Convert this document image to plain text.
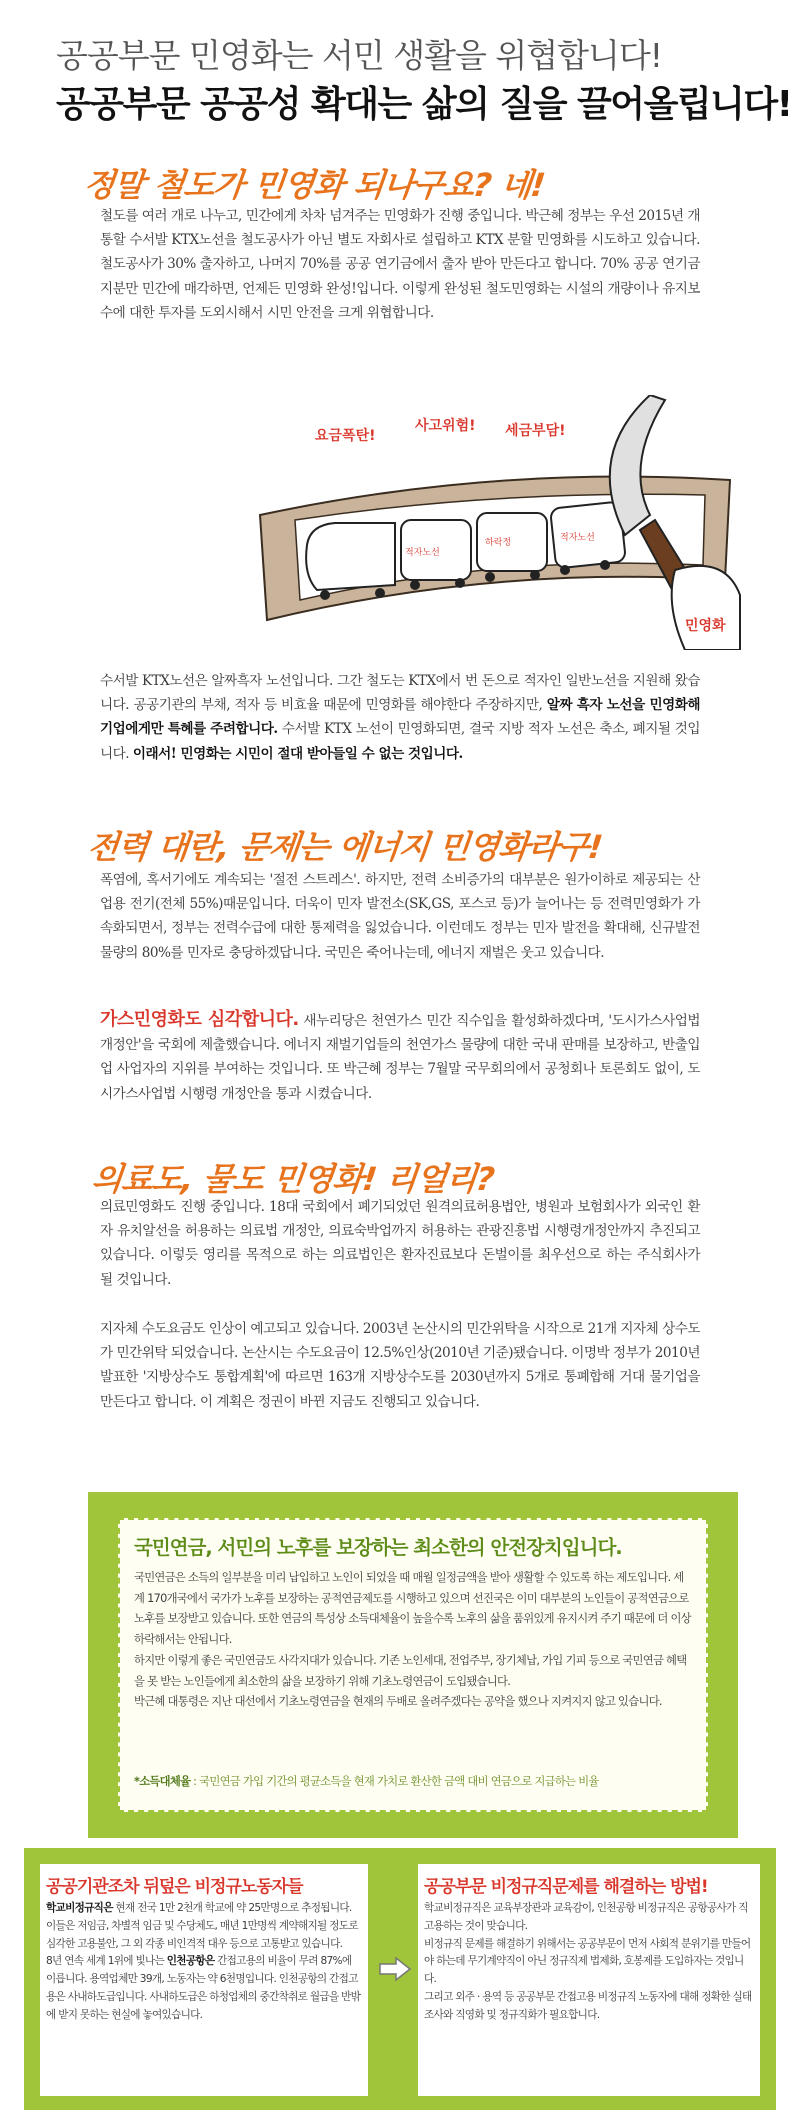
공공부문 민영화는 서민 생활을 위협합니다!
공공부문 공공성 확대는 삶의 질을 끌어올립니다!
정말 철도가 민영화 되나구요? 네!
철도를 여러 개로 나누고, 민간에게 차차 넘겨주는 민영화가 진행 중입니다. 박근혜 정부는 우선 2015년 개통할 수서발 KTX노선을 철도공사가 아닌 별도 자회사로 설립하고 KTX 분할 민영화를 시도하고 있습니다. 철도공사가 30% 출자하고, 나머지 70%를 공공 연기금에서 출자 받아 만든다고 합니다. 70% 공공 연기금 지분만 민간에 매각하면, 언제든 민영화 완성!입니다. 이렇게 완성된 철도민영화는 시설의 개량이나 유지보수에 대한 투자를 도외시해서 시민 안전을 크게 위협합니다.
요금폭탄!
사고위험! 세금부담!
적자노선
하락정	적자노선
민영화
수서발 KTX노선은 알짜흑자 노선입니다. 그간 철도는 KTX에서 번 돈으로 적자인 일반노선을 지원해 왔습니다. 공공기관의 부채, 적자 등 비효율 때문에 민영화를 해야한다 주장하지만, 알짜 흑자 노선을 민영화해 기업에게만 특혜를 주려합니다. 수서발 KTX 노선이 민영화되면, 결국 지방 적자 노선은 축소, 폐지될 것입니다. 이래서! 민영화는 시민이 절대 받아들일 수 없는 것입니다.
전력 대란, 문제는 에너지 민영화라구!
폭염에, 혹서기에도 계속되는 '절전 스트레스'. 하지만, 전력 소비증가의 대부분은 원가이하로 제공되는 산업용 전기(전체 55%)때문입니다. 더욱이 민자 발전소(SK,GS, 포스코 등)가 늘어나는 등 전력민영화가 가속화되면서, 정부는 전력수급에 대한 통제력을 잃었습니다. 이런데도 정부는 민자 발전을 확대해, 신규발전물량의 80%를 민자로 충당하겠답니다. 국민은 죽어나는데, 에너지 재벌은 웃고 있습니다.
가스민영화도 심각합니다. 새누리당은 천연가스 민간 직수입을 활성화하겠다며, '도시가스사업법 개정안'을 국회에 제출했습니다. 에너지 재벌기업들의 천연가스 물량에 대한 국내 판매를 보장하고, 반출입업 사업자의 지위를 부여하는 것입니다. 또 박근혜 정부는 7월말 국무회의에서 공청회나 토론회도 없이, 도시가스사업법 시행령 개정안을 통과 시켰습니다.
의료도, 물도 민영화! 리얼리?
의료민영화도 진행 중입니다. 18대 국회에서 폐기되었던 원격의료허용법안, 병원과 보험회사가 외국인 환자 유치알선을 허용하는 의료법 개정안, 의료숙박업까지 허용하는 관광진흥법 시행령개정안까지 추진되고 있습니다. 이렇듯 영리를 목적으로 하는 의료법인은 환자진료보다 돈벌이를 최우선으로 하는 주식회사가 될 것입니다.
지자체 수도요금도 인상이 예고되고 있습니다. 2003년 논산시의 민간위탁을 시작으로 21개 지자체 상수도가 민간위탁 되었습니다. 논산시는 수도요금이 12.5%인상(2010년 기준)됐습니다. 이명박 정부가 2010년 발표한 '지방상수도 통합계획'에 따르면 163개 지방상수도를 2030년까지 5개로 통폐합해 거대 물기업을 만든다고 합니다. 이 계획은 정권이 바뀐 지금도 진행되고 있습니다.
국민연금, 서민의 노후를 보장하는 최소한의 안전장치입니다.
국민연금은 소득의 일부분을 미리 납입하고 노인이 되었을 때 매월 일정금액을 받아 생활할 수 있도록 하는 제도입니다. 세계 170개국에서 국가가 노후를 보장하는 공적연금제도를 시행하고 있으며 선진국은 이미 대부분의 노인들이 공적연금으로 노후를 보장받고 있습니다. 또한 연금의 특성상 소득대체율이 높을수록 노후의 삶을 품위있게 유지시켜 주기 때문에 더 이상 하락해서는 안됩니다.
하지만 이렇게 좋은 국민연금도 사각지대가 있습니다. 기존 노인세대, 전업주부, 장기체납, 가입 기피 등으로 국민연금 혜택을 못 받는 노인들에게 최소한의 삶을 보장하기 위해 기초노령연금이 도입됐습니다.
박근혜 대통령은 지난 대선에서 기초노령연금을 현재의 두배로 올려주겠다는 공약을 했으나 지켜지지 않고 있습니다.
*소득대체율 : 국민연금 가입 기간의 평균소득을 현재 가치로 환산한 금액 대비 연금으로 지급하는 비율
공공기관조차 뒤덮은 비정규노동자들
학교비정규직은 현재 전국 1만 2천개 학교에 약 25만명으로 추정됩니다. 이들은 저임금, 차별적 임금 및 수당체도, 매년 1만명씩 계약해지될 정도로 심각한 고용불안, 그 외 각종 비인격적 대우 등으로 고통받고 있습니다.
8년 연속 세계 1위에 빛나는 인천공항은 간접고용의 비율이 무려 87%에 이릅니다. 용역업체만 39개, 노동자는 약 6천명입니다. 인천공항의 간접고용은 사내하도급입니다. 사내하도급은 하청업체의 중간착취로 월급을 반밖에 받지 못하는 현실에 놓여있습니다.
공공부문 비정규직문제를 해결하는 방법!
학교비정규직은 교육부장관과 교육감이, 인천공항 비정규직은 공항공사가 직고용하는 것이 맞습니다.
비정규직 문제를 해결하기 위해서는 공공부문이 먼저 사회적 분위기를 만들어야 하는데 무기계약직이 아닌 정규직제 법제화, 호봉제를 도입하자는 것입니다.
그리고 외주 · 용역 등 공공부문 간접고용 비정규직 노동자에 대해 정확한 실태조사와 직영화 및 정규직화가 필요합니다.
